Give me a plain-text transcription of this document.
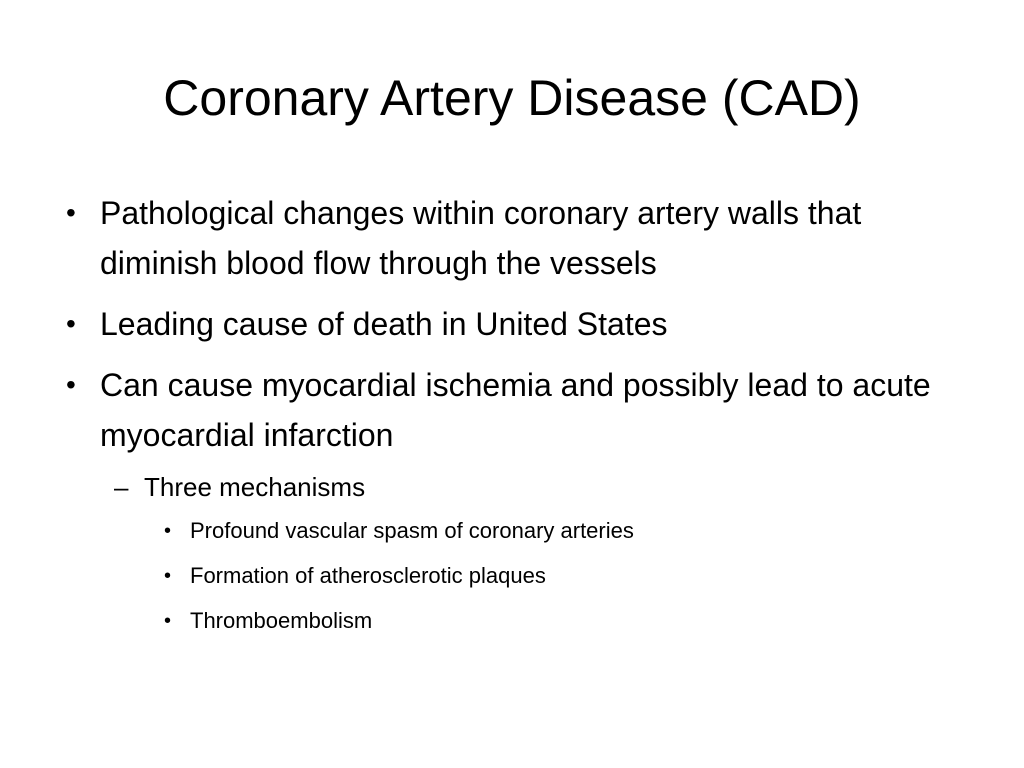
Coronary Artery Disease (CAD)
• Pathological changes within coronary artery walls that diminish blood flow through the vessels
• Leading cause of death in United States
• Can cause myocardial ischemia and possibly lead to acute myocardial infarction
– Three mechanisms
• Profound vascular spasm of coronary arteries
• Formation of atherosclerotic plaques
• Thromboembolism
